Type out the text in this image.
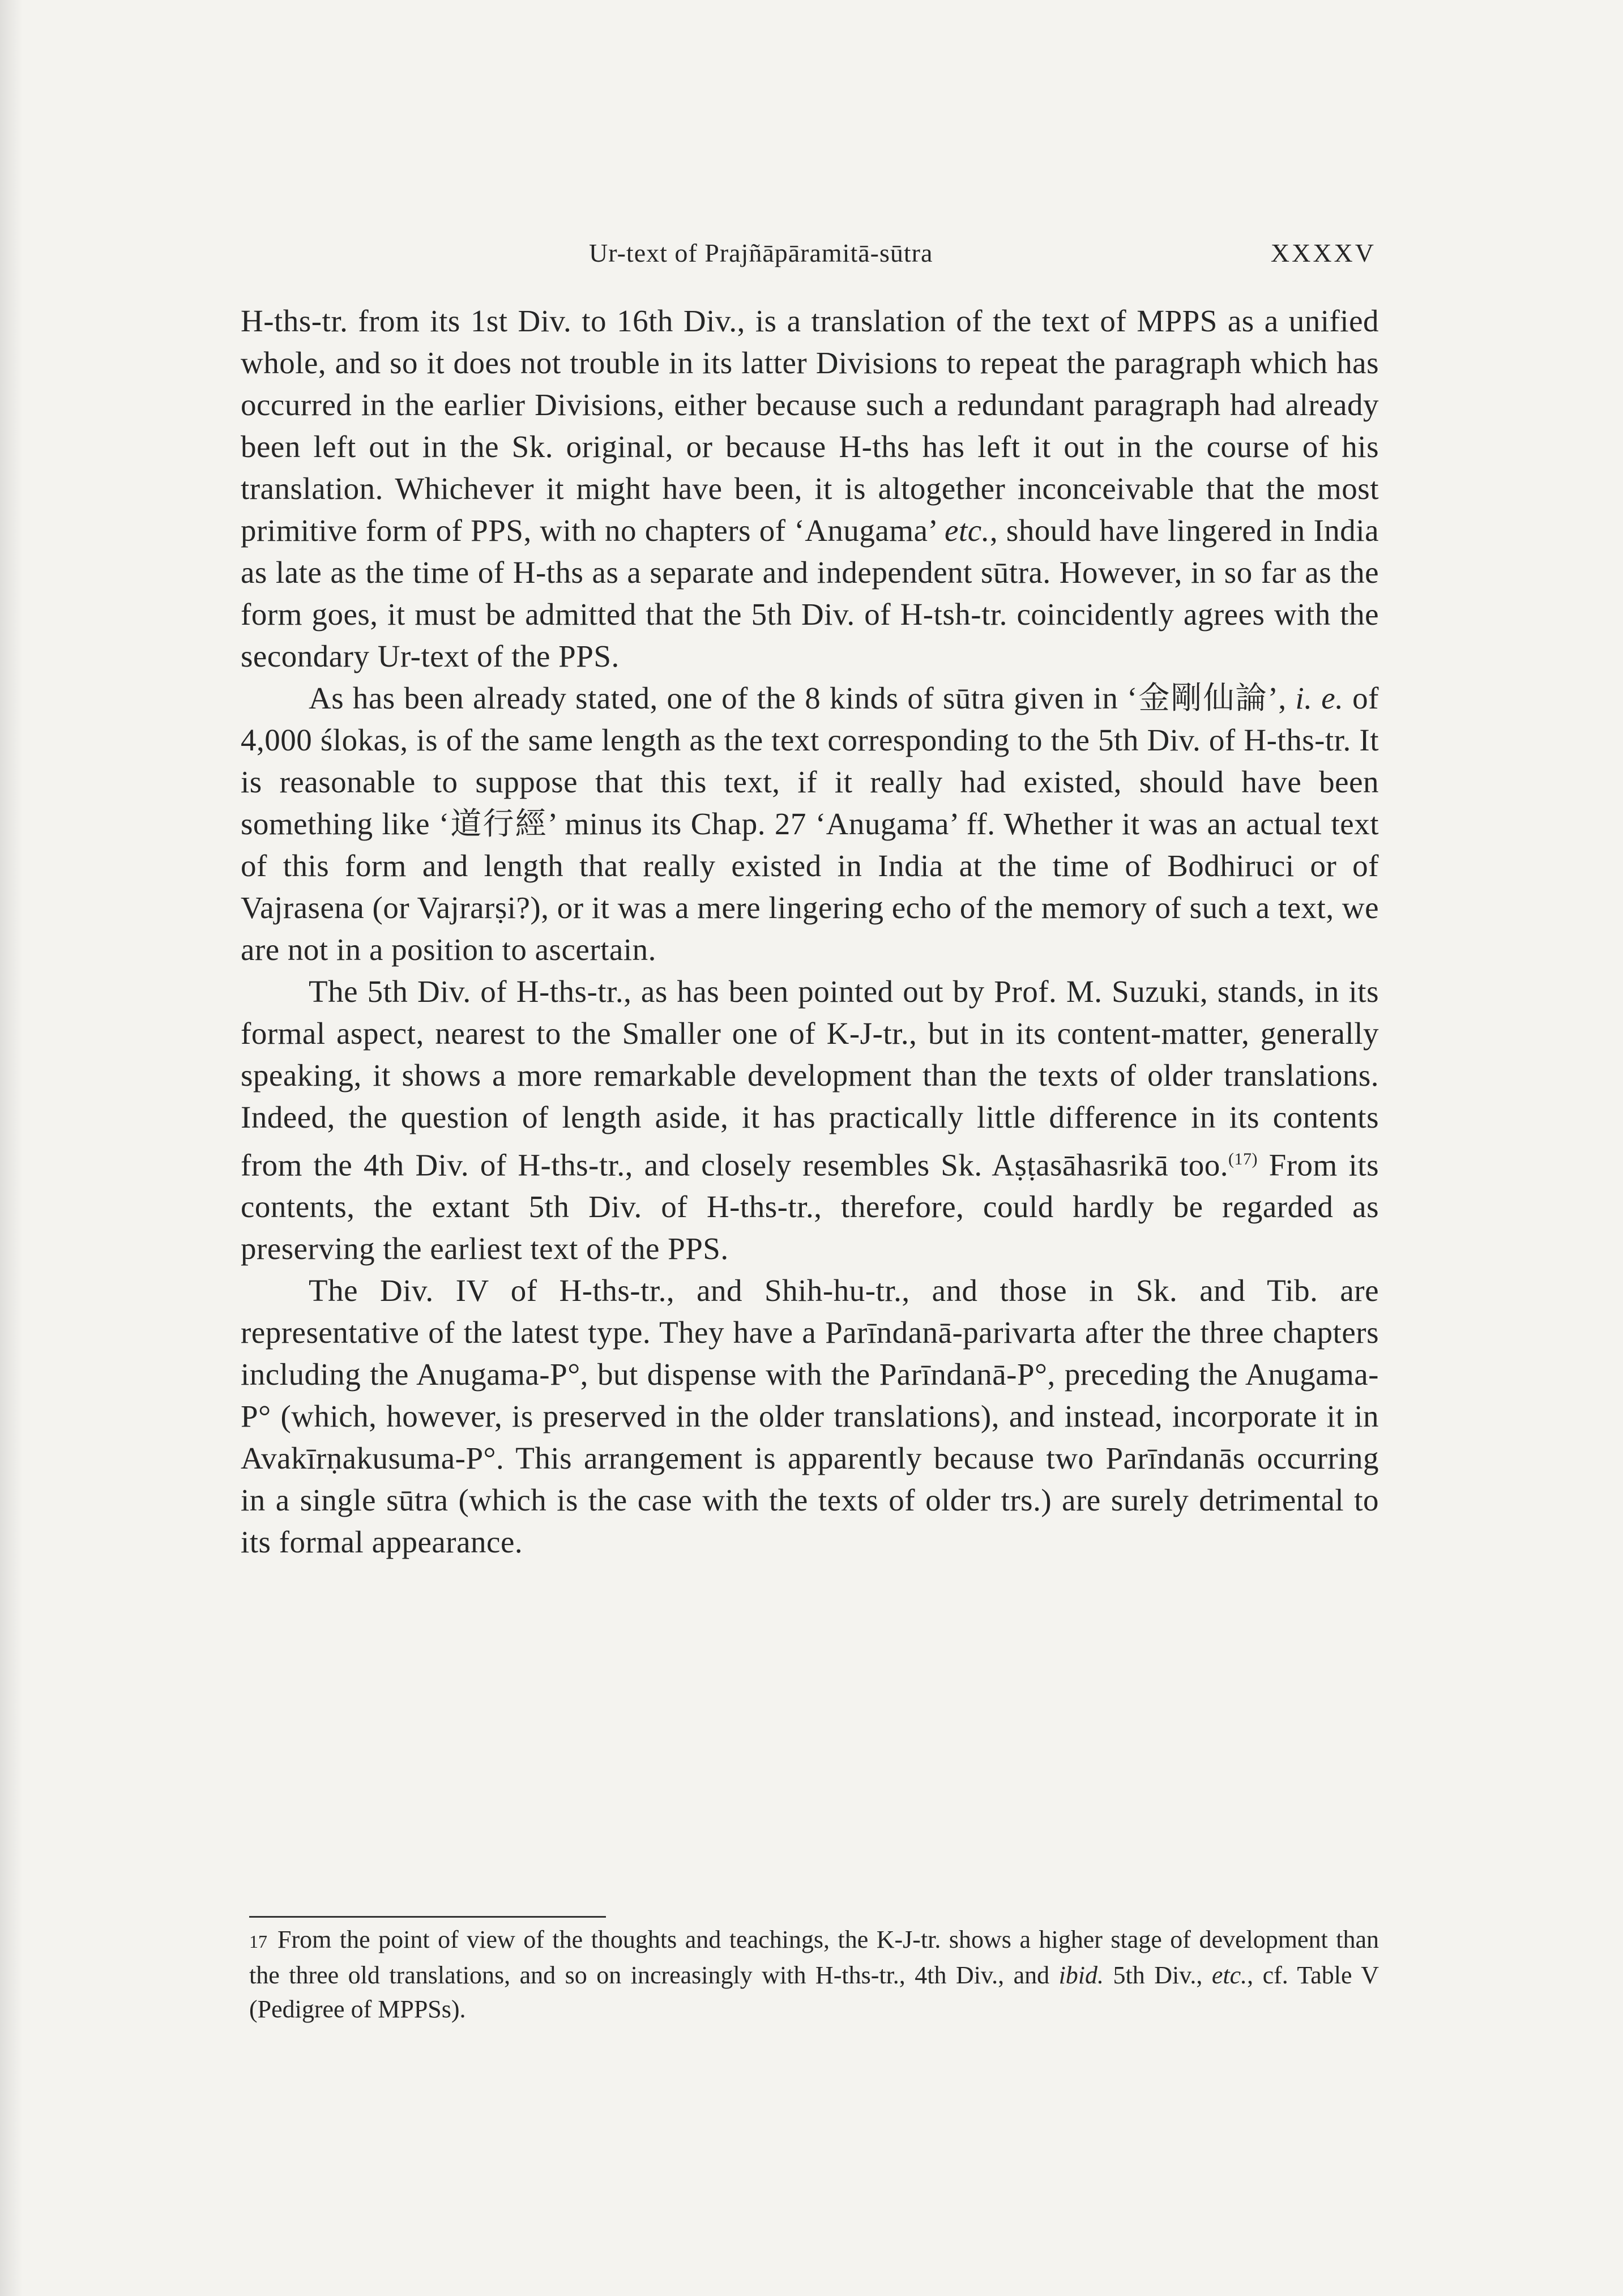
Ur-text of Prajñāpāramitā-sūtra	XXXXV

H-ths-tr. from its 1st Div. to 16th Div., is a translation of the text of MPPS as a unified whole, and so it does not trouble in its latter Divisions to repeat the paragraph which has occurred in the earlier Divisions, either because such a redundant paragraph had already been left out in the Sk. original, or because H-ths has left it out in the course of his translation. Whichever it might have been, it is altogether inconceivable that the most primitive form of PPS, with no chapters of ‘Anugama’ etc., should have lingered in India as late as the time of H-ths as a separate and independent sūtra. However, in so far as the form goes, it must be admitted that the 5th Div. of H-tsh-tr. coincidently agrees with the secondary Ur-text of the PPS.

As has been already stated, one of the 8 kinds of sūtra given in ‘金剛仙論’, i. e. of 4,000 ślokas, is of the same length as the text corresponding to the 5th Div. of H-ths-tr. It is reasonable to suppose that this text, if it really had existed, should have been something like ‘道行經’ minus its Chap. 27 ‘Anugama’ ff. Whether it was an actual text of this form and length that really existed in India at the time of Bodhiruci or of Vajrasena (or Vajrarṣi?), or it was a mere lingering echo of the memory of such a text, we are not in a position to ascertain.

The 5th Div. of H-ths-tr., as has been pointed out by Prof. M. Suzuki, stands, in its formal aspect, nearest to the Smaller one of K-J-tr., but in its content-matter, generally speaking, it shows a more remarkable development than the texts of older translations. Indeed, the question of length aside, it has practically little difference in its contents from the 4th Div. of H-ths-tr., and closely resembles Sk. Aṣṭasāhasrikā too.$^{(17)}$ From its contents, the extant 5th Div. of H-ths-tr., therefore, could hardly be regarded as preserving the earliest text of the PPS.

The Div. IV of H-ths-tr., and Shih-hu-tr., and those in Sk. and Tib. are representative of the latest type. They have a Parīndanā-parivarta after the three chapters including the Anugama-P°, but dispense with the Parīndanā-P°, preceding the Anugama-P° (which, however, is preserved in the older translations), and instead, incorporate it in Avakīrṇakusuma-P°. This arrangement is apparently because two Parīndanās occurring in a single sūtra (which is the case with the texts of older trs.) are surely detrimental to its formal appearance.

17 From the point of view of the thoughts and teachings, the K-J-tr. shows a higher stage of development than the three old translations, and so on increasingly with H-ths-tr., 4th Div., and ibid. 5th Div., etc., cf. Table V (Pedigree of MPPSs).
